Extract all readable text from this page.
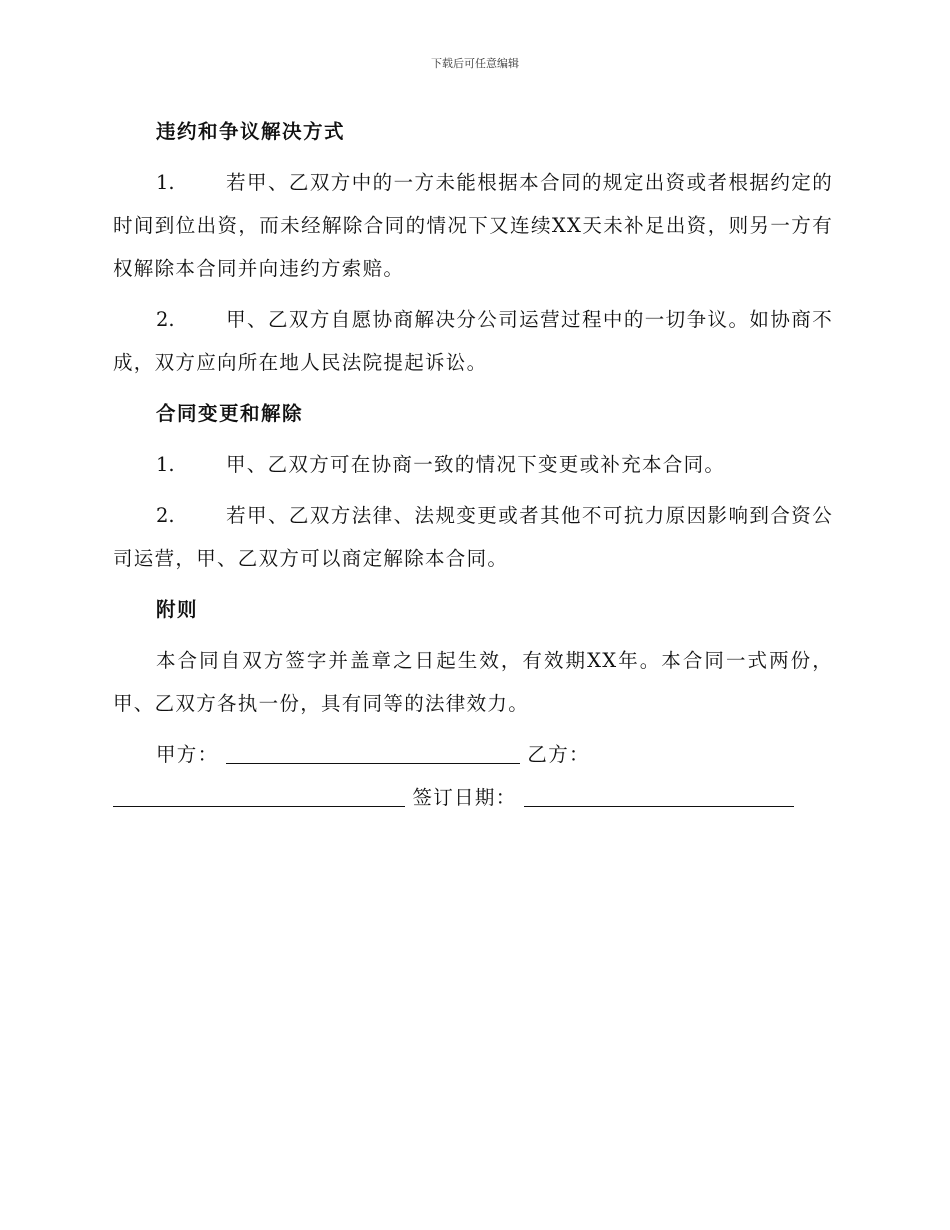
下载后可任意编辑
违约和争议解决方式
1.	若甲、乙双方中的一方未能根据本合同的规定出资或者根据约定的时间到位出资，而未经解除合同的情况下又连续XX天未补足出资，则另一方有权解除本合同并向违约方索赔。
2.	甲、乙双方自愿协商解决分公司运营过程中的一切争议。如协商不成，双方应向所在地人民法院提起诉讼。
合同变更和解除
1.	甲、乙双方可在协商一致的情况下变更或补充本合同。
2.	若甲、乙双方法律、法规变更或者其他不可抗力原因影响到合资公司运营，甲、乙双方可以商定解除本合同。
附则
本合同自双方签字并盖章之日起生效，有效期XX年。本合同一式两份，甲、乙双方各执一份，具有同等的法律效力。
甲方：	乙方：
签订日期：
